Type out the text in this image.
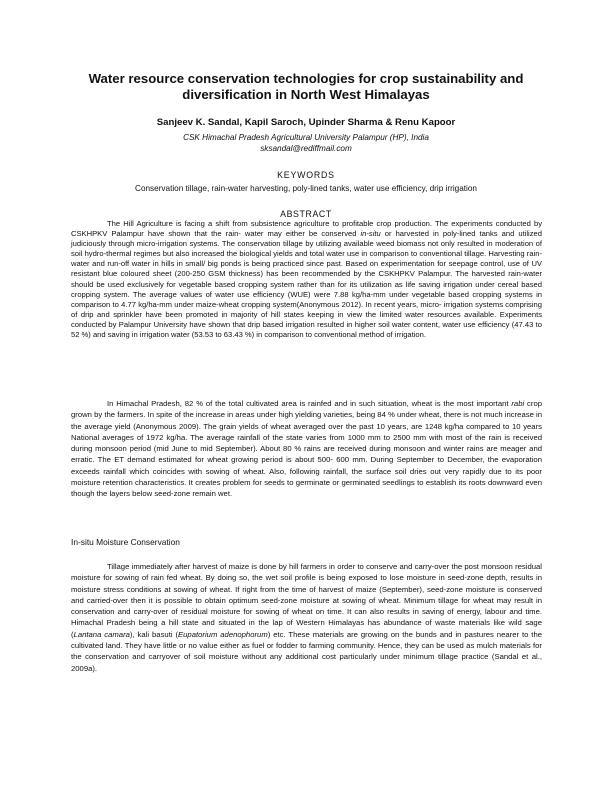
Water resource conservation technologies for crop sustainability and diversification in North West Himalayas
Sanjeev K. Sandal, Kapil Saroch, Upinder Sharma & Renu Kapoor
CSK Himachal Pradesh Agricultural University Palampur (HP), India
sksandal@rediffmail.com
KEYWORDS
Conservation tillage, rain-water harvesting, poly-lined tanks, water use efficiency, drip irrigation
ABSTRACT

The Hill Agriculture is facing a shift from subsistence agriculture to profitable crop production. The experiments conducted by CSKHPKV Palampur have shown that the rain- water may either be conserved in-situ or harvested in poly-lined tanks and utilized judiciously through micro-irrigation systems. The conservation tillage by utilizing available weed biomass not only resulted in moderation of soil hydro-thermal regimes but also increased the biological yields and total water use in comparison to conventional tillage. Harvesting rain-water and run-off water in hills in small/ big ponds is being practiced since past. Based on experimentation for seepage control, use of UV resistant blue coloured sheet (200-250 GSM thickness) has been recommended by the CSKHPKV Palampur. The harvested rain-water should be used exclusively for vegetable based cropping system rather than for its utilization as life saving irrigation under cereal based cropping system. The average values of water use efficiency (WUE) were 7.88 kg/ha-mm under vegetable based cropping systems in comparison to 4.77 kg/ha-mm under maize-wheat cropping system(Anonymous 2012). In recent years, micro- irrigation systems comprising of drip and sprinkler have been promoted in majority of hill states keeping in view the limited water resources available. Experiments conducted by Palampur University have shown that drip based irrigation resulted in higher soil water content, water use efficiency (47.43 to 52 %) and saving in irrigation water (53.53 to 63.43 %) in comparison to conventional method of irrigation.

In Himachal Pradesh, 82 % of the total cultivated area is rainfed and in such situation, wheat is the most important rabi crop grown by the farmers. In spite of the increase in areas under high yielding varieties, being 84 % under wheat, there is not much increase in the average yield (Anonymous 2009). The grain yields of wheat averaged over the past 10 years, are 1248 kg/ha compared to 10 years National averages of 1972 kg/ha. The average rainfall of the state varies from 1000 mm to 2500 mm with most of the rain is received during monsoon period (mid June to mid September). About 80 % rains are received during monsoon and winter rains are meager and erratic. The ET demand estimated for wheat growing period is about 500- 600 mm. During September to December, the evaporation exceeds rainfall which coincides with sowing of wheat. Also, following rainfall, the surface soil dries out very rapidly due to its poor moisture retention characteristics. It creates problem for seeds to germinate or germinated seedlings to establish its roots downward even though the layers below seed-zone remain wet.

In-situ Moisture Conservation

Tillage immediately after harvest of maize is done by hill farmers in order to conserve and carry-over the post monsoon residual moisture for sowing of rain fed wheat. By doing so, the wet soil profile is being exposed to lose moisture in seed-zone depth, results in moisture stress conditions at sowing of wheat. If right from the time of harvest of maize (September), seed-zone moisture is conserved and carried-over then it is possible to obtain optimum seed-zone moisture at sowing of wheat. Minimum tillage for wheat may result in conservation and carry-over of residual moisture for sowing of wheat on time. It can also results in saving of energy, labour and time. Himachal Pradesh being a hill state and situated in the lap of Western Himalayas has abundance of waste materials like wild sage (Lantana camara), kali basuti (Eupatorium adenophorum) etc. These materials are growing on the bunds and in pastures nearer to the cultivated land. They have little or no value either as fuel or fodder to farming community. Hence, they can be used as mulch materials for the conservation and carryover of soil moisture without any additional cost particularly under minimum tillage practice (Sandal et al., 2009a).
